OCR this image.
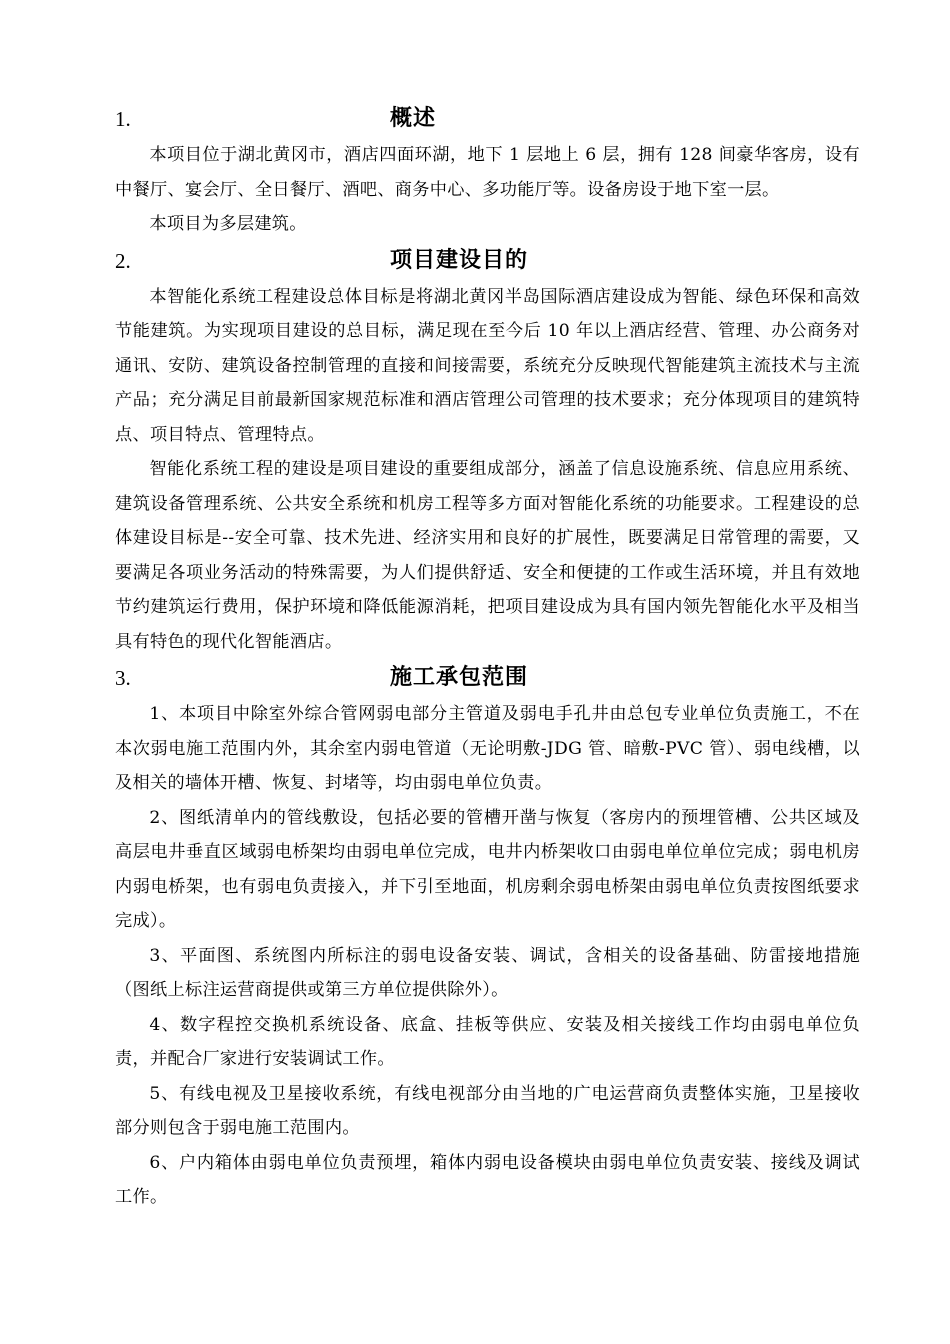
1.	概述

本项目位于湖北黄冈市，酒店四面环湖，地下 1 层地上 6 层，拥有 128 间豪华客房，设有中餐厅、宴会厅、全日餐厅、酒吧、商务中心、多功能厅等。设备房设于地下室一层。

本项目为多层建筑。

2.	项目建设目的

本智能化系统工程建设总体目标是将湖北黄冈半岛国际酒店建设成为智能、绿色环保和高效节能建筑。为实现项目建设的总目标，满足现在至今后 10 年以上酒店经营、管理、办公商务对通讯、安防、建筑设备控制管理的直接和间接需要，系统充分反映现代智能建筑主流技术与主流产品；充分满足目前最新国家规范标准和酒店管理公司管理的技术要求；充分体现项目的建筑特点、项目特点、管理特点。

智能化系统工程的建设是项目建设的重要组成部分，涵盖了信息设施系统、信息应用系统、建筑设备管理系统、公共安全系统和机房工程等多方面对智能化系统的功能要求。工程建设的总体建设目标是--安全可靠、技术先进、经济实用和良好的扩展性，既要满足日常管理的需要，又要满足各项业务活动的特殊需要，为人们提供舒适、安全和便捷的工作或生活环境，并且有效地节约建筑运行费用，保护环境和降低能源消耗，把项目建设成为具有国内领先智能化水平及相当具有特色的现代化智能酒店。

3.	施工承包范围

1、本项目中除室外综合管网弱电部分主管道及弱电手孔井由总包专业单位负责施工，不在本次弱电施工范围内外，其余室内弱电管道（无论明敷-JDG 管、暗敷-PVC 管）、弱电线槽，以及相关的墙体开槽、恢复、封堵等，均由弱电单位负责。

2、图纸清单内的管线敷设，包括必要的管槽开凿与恢复（客房内的预埋管槽、公共区域及高层电井垂直区域弱电桥架均由弱电单位完成，电井内桥架收口由弱电单位单位完成；弱电机房内弱电桥架，也有弱电负责接入，并下引至地面，机房剩余弱电桥架由弱电单位负责按图纸要求完成）。

3、平面图、系统图内所标注的弱电设备安装、调试，含相关的设备基础、防雷接地措施（图纸上标注运营商提供或第三方单位提供除外）。

4、数字程控交换机系统设备、底盒、挂板等供应、安装及相关接线工作均由弱电单位负责，并配合厂家进行安装调试工作。

5、有线电视及卫星接收系统，有线电视部分由当地的广电运营商负责整体实施，卫星接收部分则包含于弱电施工范围内。

6、户内箱体由弱电单位负责预埋，箱体内弱电设备模块由弱电单位负责安装、接线及调试工作。
